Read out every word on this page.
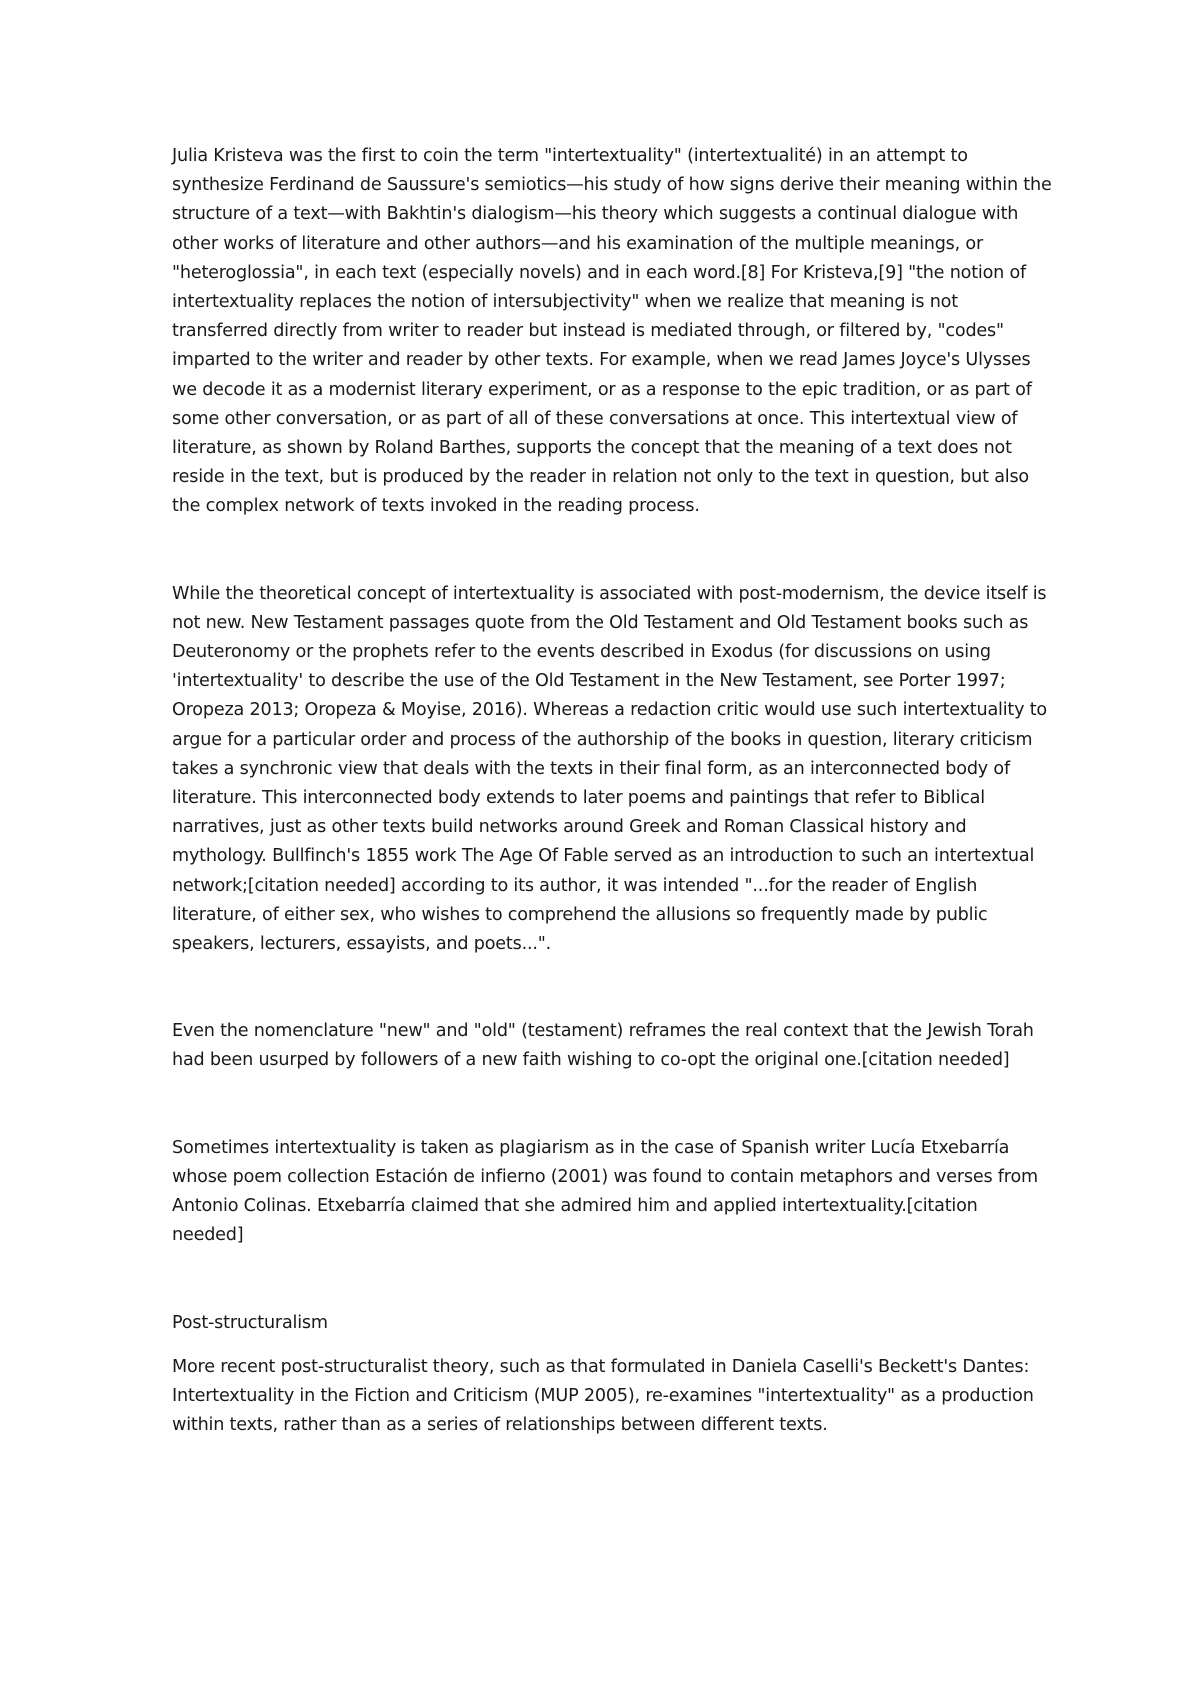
Julia Kristeva was the first to coin the term "intertextuality" (intertextualité) in an attempt to synthesize Ferdinand de Saussure's semiotics—his study of how signs derive their meaning within the structure of a text—with Bakhtin's dialogism—his theory which suggests a continual dialogue with other works of literature and other authors—and his examination of the multiple meanings, or "heteroglossia", in each text (especially novels) and in each word.[8] For Kristeva,[9] "the notion of intertextuality replaces the notion of intersubjectivity" when we realize that meaning is not transferred directly from writer to reader but instead is mediated through, or filtered by, "codes" imparted to the writer and reader by other texts. For example, when we read James Joyce's Ulysses we decode it as a modernist literary experiment, or as a response to the epic tradition, or as part of some other conversation, or as part of all of these conversations at once. This intertextual view of literature, as shown by Roland Barthes, supports the concept that the meaning of a text does not reside in the text, but is produced by the reader in relation not only to the text in question, but also the complex network of texts invoked in the reading process.

While the theoretical concept of intertextuality is associated with post-modernism, the device itself is not new. New Testament passages quote from the Old Testament and Old Testament books such as Deuteronomy or the prophets refer to the events described in Exodus (for discussions on using 'intertextuality' to describe the use of the Old Testament in the New Testament, see Porter 1997; Oropeza 2013; Oropeza & Moyise, 2016). Whereas a redaction critic would use such intertextuality to argue for a particular order and process of the authorship of the books in question, literary criticism takes a synchronic view that deals with the texts in their final form, as an interconnected body of literature. This interconnected body extends to later poems and paintings that refer to Biblical narratives, just as other texts build networks around Greek and Roman Classical history and mythology. Bullfinch's 1855 work The Age Of Fable served as an introduction to such an intertextual network;[citation needed] according to its author, it was intended "...for the reader of English literature, of either sex, who wishes to comprehend the allusions so frequently made by public speakers, lecturers, essayists, and poets...".

Even the nomenclature "new" and "old" (testament) reframes the real context that the Jewish Torah had been usurped by followers of a new faith wishing to co-opt the original one.[citation needed]

Sometimes intertextuality is taken as plagiarism as in the case of Spanish writer Lucía Etxebarría whose poem collection Estación de infierno (2001) was found to contain metaphors and verses from Antonio Colinas. Etxebarría claimed that she admired him and applied intertextuality.[citation needed]

Post-structuralism

More recent post-structuralist theory, such as that formulated in Daniela Caselli's Beckett's Dantes: Intertextuality in the Fiction and Criticism (MUP 2005), re-examines "intertextuality" as a production within texts, rather than as a series of relationships between different texts.
